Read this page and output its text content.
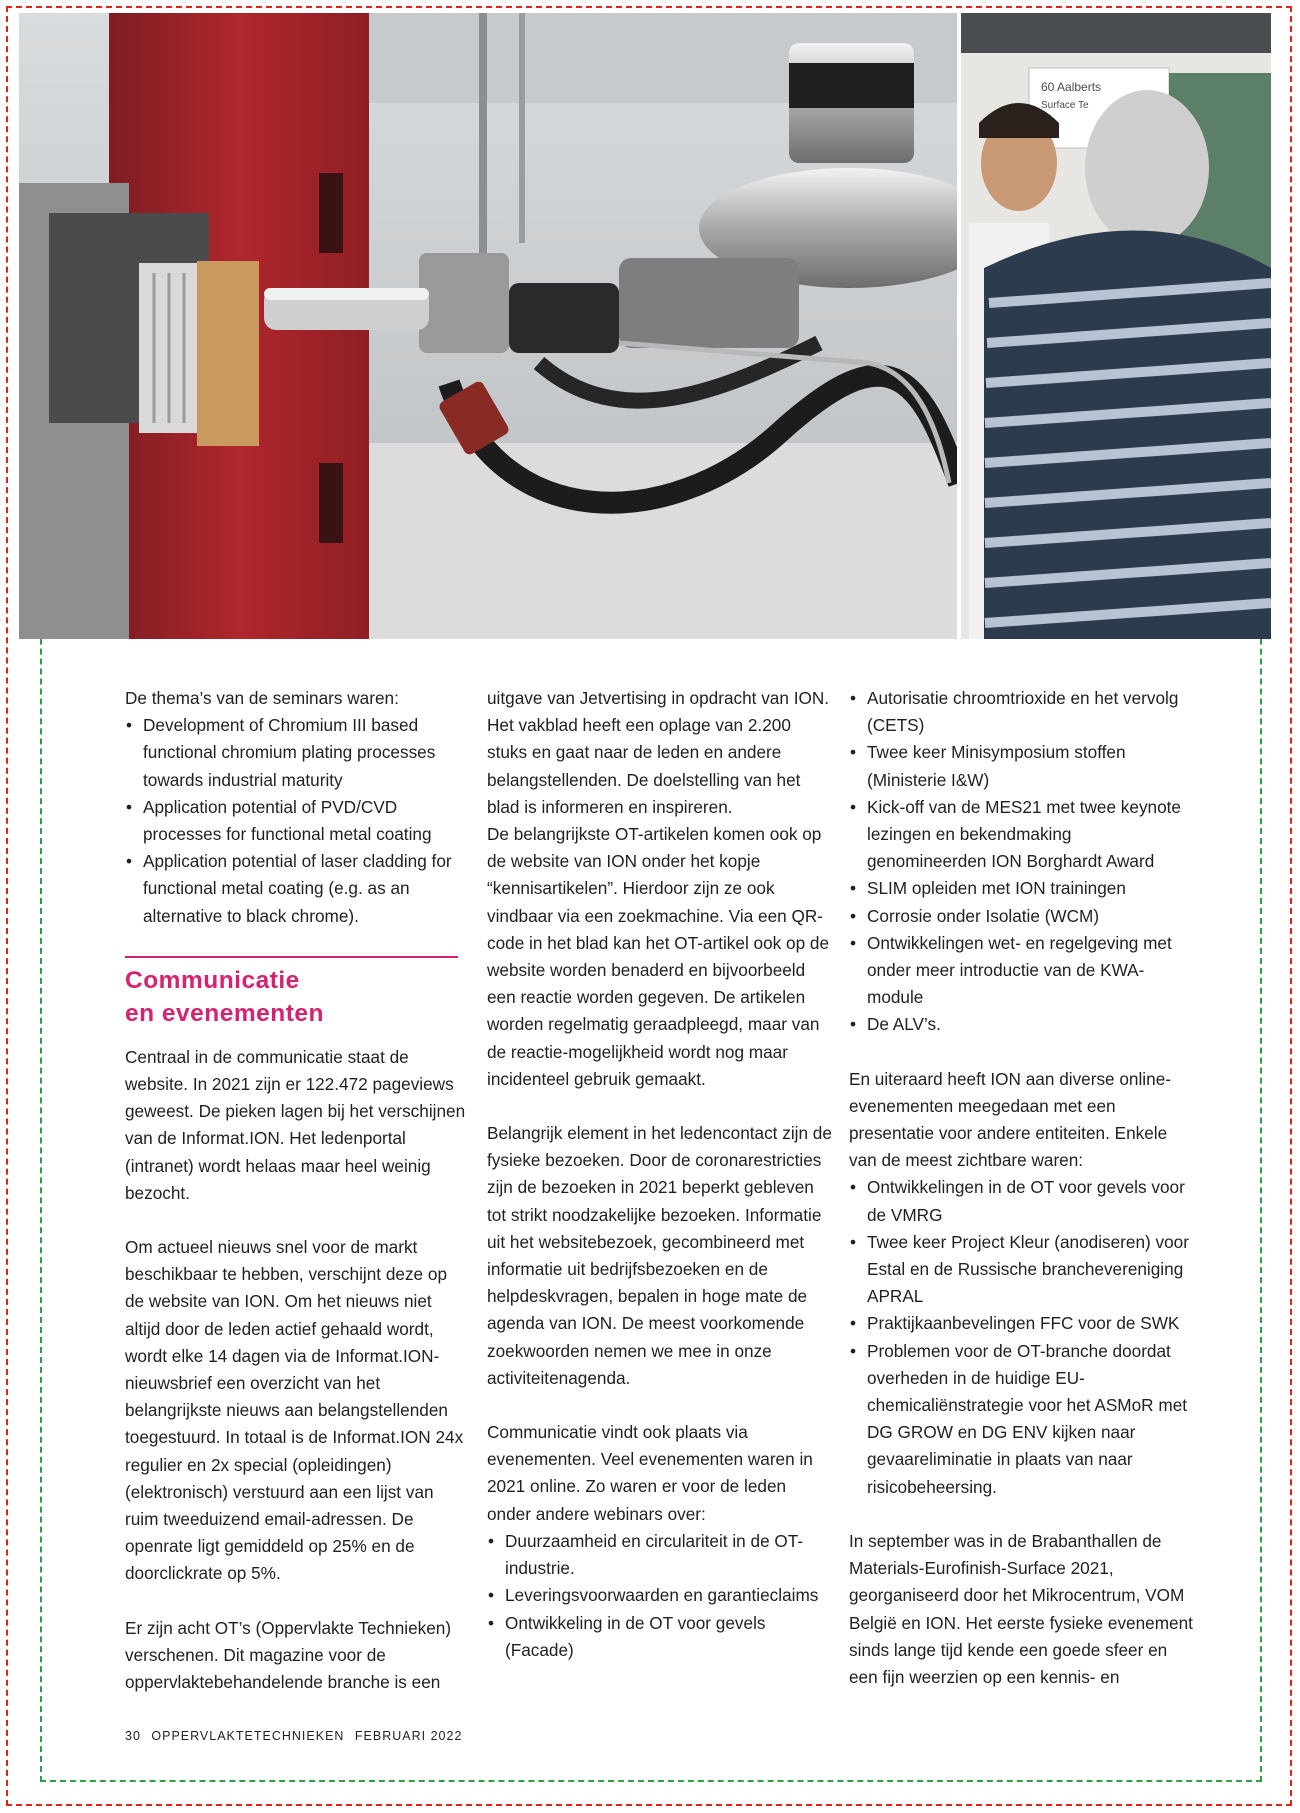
60 Aalberts
Surface Te

De thema’s van de seminars waren:

• Development of Chromium III based functional chromium plating processes towards industrial maturity
• Application potential of PVD/CVD processes for functional metal coating
• Application potential of laser cladding for functional metal coating (e.g. as an alternative to black chrome).
Communicatie
en evenementen

Centraal in de communicatie staat de website. In 2021 zijn er 122.472 pageviews geweest. De pieken lagen bij het verschijnen van de Informat.ION. Het ledenportal (intranet) wordt helaas maar heel weinig bezocht.

Om actueel nieuws snel voor de markt beschikbaar te hebben, verschijnt deze op de website van ION. Om het nieuws niet altijd door de leden actief gehaald wordt, wordt elke 14 dagen via de Informat.ION-nieuwsbrief een overzicht van het belangrijkste nieuws aan belangstellenden toegestuurd. In totaal is de Informat.ION 24x regulier en 2x special (opleidingen) (elektronisch) verstuurd aan een lijst van ruim tweeduizend email-adressen. De openrate ligt gemiddeld op 25% en de doorclickrate op 5%.

Er zijn acht OT’s (Oppervlakte Technieken) verschenen. Dit magazine voor de oppervlaktebehandelende branche is een

uitgave van Jetvertising in opdracht van ION. Het vakblad heeft een oplage van 2.200 stuks en gaat naar de leden en andere belangstellenden. De doelstelling van het blad is informeren en inspireren.

De belangrijkste OT-artikelen komen ook op de website van ION onder het kopje “kennisartikelen”. Hierdoor zijn ze ook vindbaar via een zoekmachine. Via een QR-code in het blad kan het OT-artikel ook op de website worden benaderd en bijvoorbeeld een reactie worden gegeven. De artikelen worden regelmatig geraadpleegd, maar van de reactie-mogelijkheid wordt nog maar incidenteel gebruik gemaakt.

Belangrijk element in het ledencontact zijn de fysieke bezoeken. Door de coronarestricties zijn de bezoeken in 2021 beperkt gebleven tot strikt noodzakelijke bezoeken. Informatie uit het websitebezoek, gecombineerd met informatie uit bedrijfsbezoeken en de helpdeskvragen, bepalen in hoge mate de agenda van ION. De meest voorkomende zoekwoorden nemen we mee in onze activiteitenagenda.

Communicatie vindt ook plaats via evenementen. Veel evenementen waren in 2021 online. Zo waren er voor de leden onder andere webinars over:

• Duurzaamheid en circulariteit in de OT-industrie.
• Leveringsvoorwaarden en garantieclaims
• Ontwikkeling in de OT voor gevels (Facade)
• Autorisatie chroomtrioxide en het vervolg (CETS)
• Twee keer Minisymposium stoffen (Ministerie I&W)
• Kick-off van de MES21 met twee keynote lezingen en bekendmaking genomineerden ION Borghardt Award
• SLIM opleiden met ION trainingen
• Corrosie onder Isolatie (WCM)
• Ontwikkelingen wet- en regelgeving met onder meer introductie van de KWA-module
• De ALV’s.

En uiteraard heeft ION aan diverse online-evenementen meegedaan met een presentatie voor andere entiteiten. Enkele van de meest zichtbare waren:

• Ontwikkelingen in de OT voor gevels voor de VMRG
• Twee keer Project Kleur (anodiseren) voor Estal en de Russische branchevereniging APRAL
• Praktijkaanbevelingen FFC voor de SWK
• Problemen voor de OT-branche doordat overheden in de huidige EU-chemicaliënstrategie voor het ASMoR met DG GROW en DG ENV kijken naar gevaareliminatie in plaats van naar risicobeheersing.

In september was in de Brabanthallen de Materials-Eurofinish-Surface 2021, georganiseerd door het Mikrocentrum, VOM België en ION. Het eerste fysieke evenement sinds lange tijd kende een goede sfeer en een fijn weerzien op een kennis- en

30 OPPERVLAKTETECHNIEKEN FEBRUARI 2022
